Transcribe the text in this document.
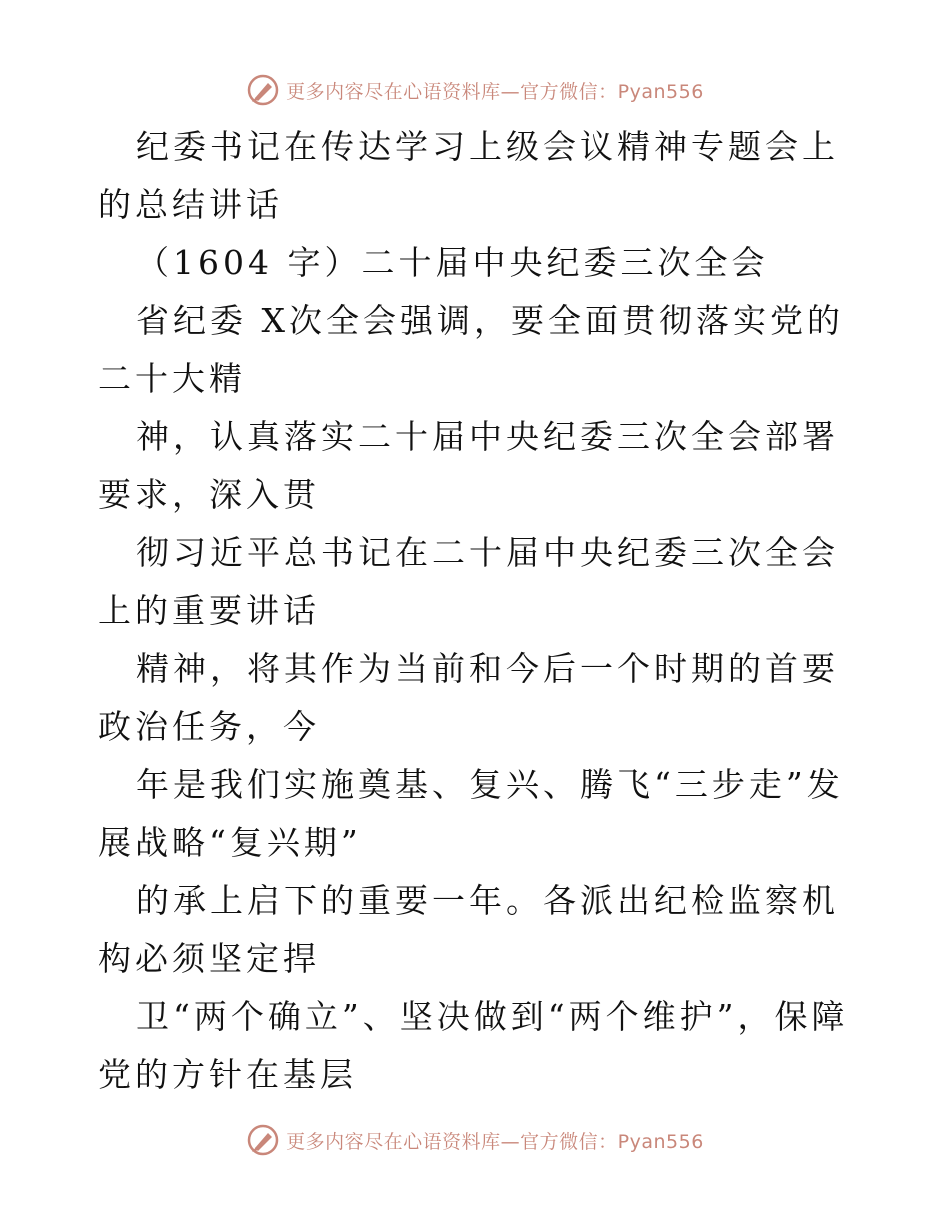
更多内容尽在心语资料库—官方微信：Pyan556

纪委书记在传达学习上级会议精神专题会上的总结讲话

（1604 字）二十届中央纪委三次全会

省纪委 X次全会强调，要全面贯彻落实党的二十大精

神，认真落实二十届中央纪委三次全会部署要求，深入贯

彻习近平总书记在二十届中央纪委三次全会上的重要讲话

精神，将其作为当前和今后一个时期的首要政治任务，今

年是我们实施奠基、复兴、腾飞“三步走”发展战略“复兴期”

的承上启下的重要一年。各派出纪检监察机构必须坚定捍

卫“两个确立”、坚决做到“两个维护”，保障党的方针在基层

更多内容尽在心语资料库—官方微信：Pyan556
